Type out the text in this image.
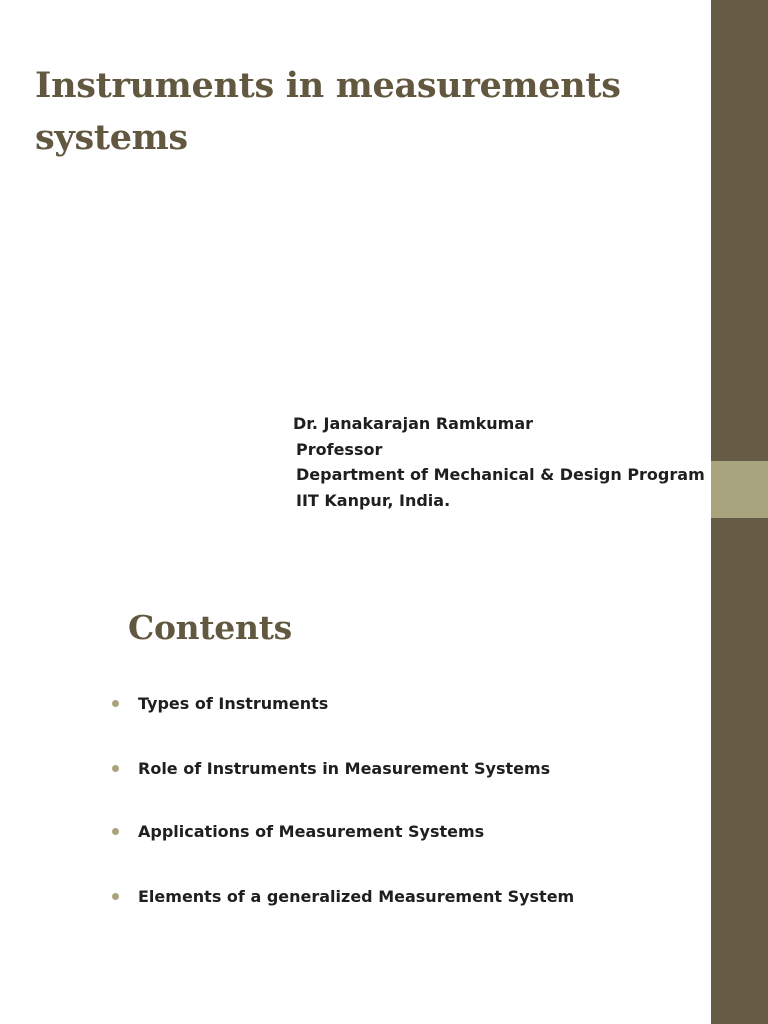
Instruments in measurements
systems
Dr. Janakarajan Ramkumar
Professor
Department of Mechanical & Design Program
IIT Kanpur, India.
Contents
Types of Instruments
Role of Instruments in Measurement Systems
Applications of Measurement Systems
Elements of a generalized Measurement System
